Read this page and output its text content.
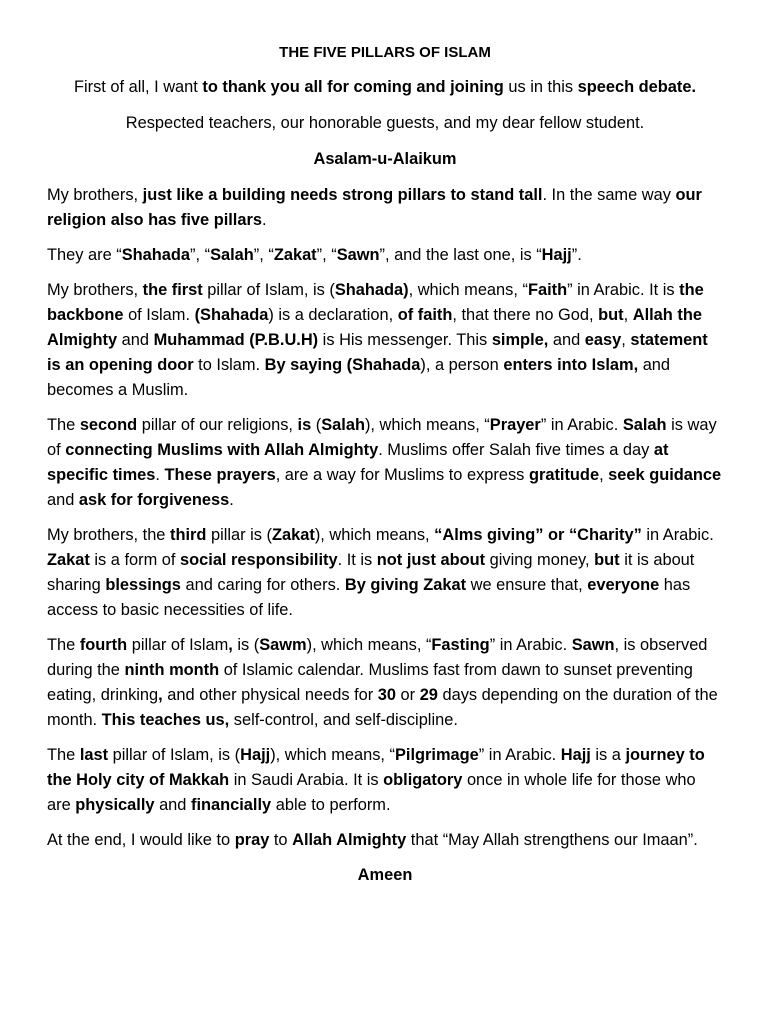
THE FIVE PILLARS OF ISLAM

First of all, I want to thank you all for coming and joining us in this speech debate.

Respected teachers, our honorable guests, and my dear fellow student.

Asalam-u-Alaikum

My brothers, just like a building needs strong pillars to stand tall. In the same way our religion also has five pillars.

They are “Shahada”, “Salah”, “Zakat”, “Sawn”, and the last one, is “Hajj”.

My brothers, the first pillar of Islam, is (Shahada), which means, “Faith” in Arabic. It is the backbone of Islam. (Shahada) is a declaration, of faith, that there no God, but, Allah the Almighty and Muhammad (P.B.U.H) is His messenger. This simple, and easy, statement is an opening door to Islam. By saying (Shahada), a person enters into Islam, and becomes a Muslim.

The second pillar of our religions, is (Salah), which means, “Prayer” in Arabic. Salah is way of connecting Muslims with Allah Almighty. Muslims offer Salah five times a day at specific times. These prayers, are a way for Muslims to express gratitude, seek guidance and ask for forgiveness.

My brothers, the third pillar is (Zakat), which means, “Alms giving” or “Charity” in Arabic. Zakat is a form of social responsibility. It is not just about giving money, but it is about sharing blessings and caring for others. By giving Zakat we ensure that, everyone has access to basic necessities of life.

The fourth pillar of Islam, is (Sawm), which means, “Fasting” in Arabic. Sawn, is observed during the ninth month of Islamic calendar. Muslims fast from dawn to sunset preventing eating, drinking, and other physical needs for 30 or 29 days depending on the duration of the month. This teaches us, self-control, and self-discipline.

The last pillar of Islam, is (Hajj), which means, “Pilgrimage” in Arabic. Hajj is a journey to the Holy city of Makkah in Saudi Arabia. It is obligatory once in whole life for those who are physically and financially able to perform.

At the end, I would like to pray to Allah Almighty that “May Allah strengthens our Imaan”.

Ameen
